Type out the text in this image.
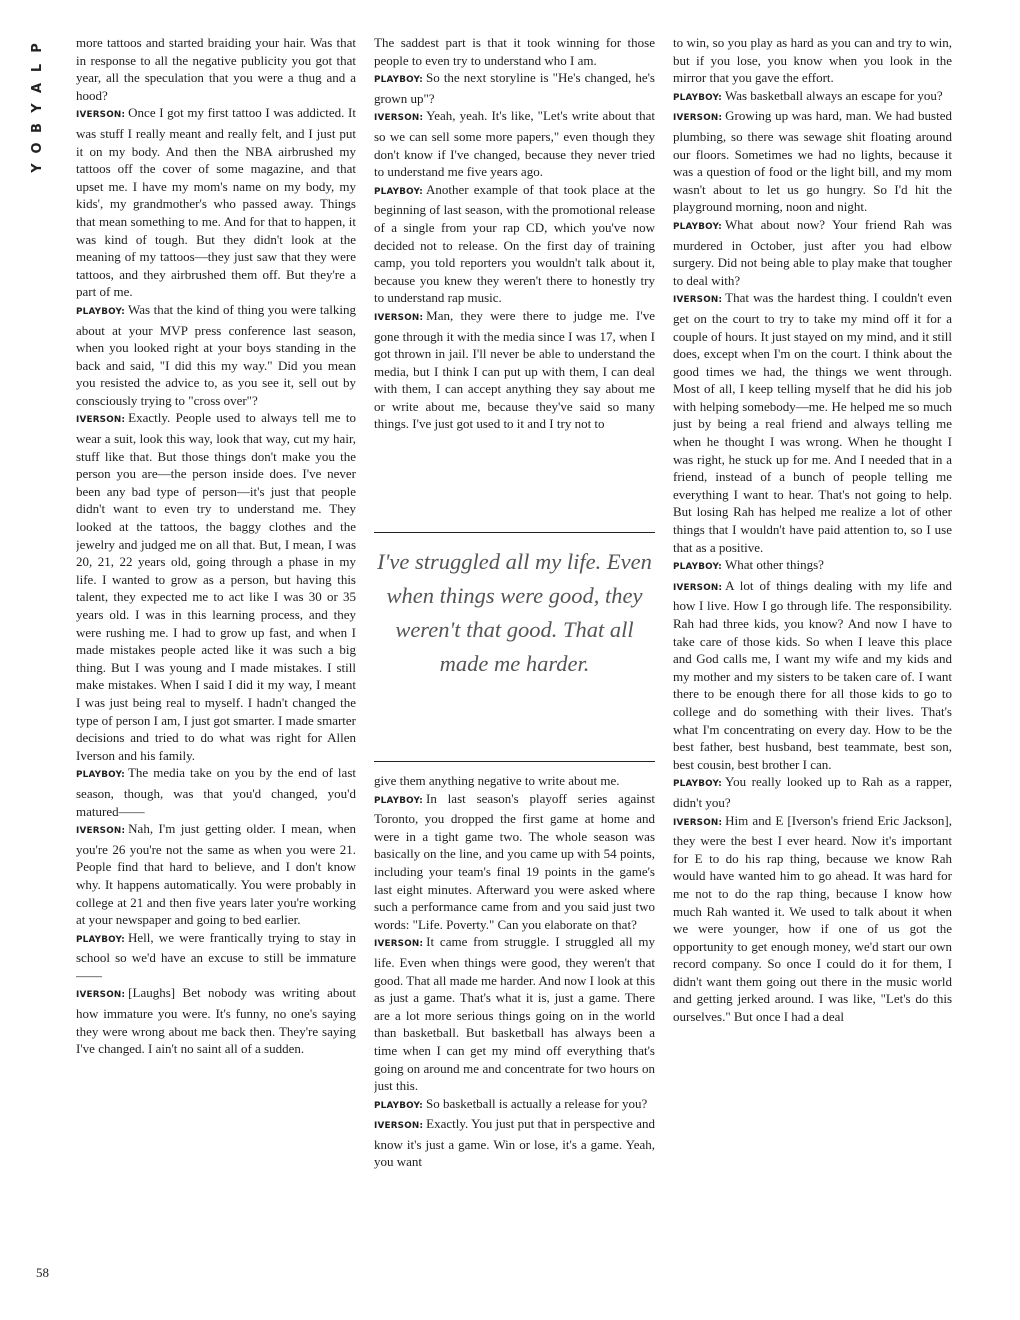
P
L
A
Y
B
O
Y

more tattoos and started braiding your hair. Was that in response to all the negative publicity you got that year, all the speculation that you were a thug and a hood?

IVERSON: Once I got my first tattoo I was addicted. It was stuff I really meant and really felt, and I just put it on my body. And then the NBA airbrushed my tattoos off the cover of some magazine, and that upset me. I have my mom's name on my body, my kids', my grandmother's who passed away. Things that mean something to me. And for that to happen, it was kind of tough. But they didn't look at the meaning of my tattoos—they just saw that they were tattoos, and they airbrushed them off. But they're a part of me.

PLAYBOY: Was that the kind of thing you were talking about at your MVP press conference last season, when you looked right at your boys standing in the back and said, "I did this my way." Did you mean you resisted the advice to, as you see it, sell out by consciously trying to "cross over"?

IVERSON: Exactly. People used to always tell me to wear a suit, look this way, look that way, cut my hair, stuff like that. But those things don't make you the person you are—the person inside does. I've never been any bad type of person—it's just that people didn't want to even try to understand me. They looked at the tattoos, the baggy clothes and the jewelry and judged me on all that. But, I mean, I was 20, 21, 22 years old, going through a phase in my life. I wanted to grow as a person, but having this talent, they expected me to act like I was 30 or 35 years old. I was in this learning process, and they were rushing me. I had to grow up fast, and when I made mistakes people acted like it was such a big thing. But I was young and I made mistakes. I still make mistakes. When I said I did it my way, I meant I was just being real to myself. I hadn't changed the type of person I am, I just got smarter. I made smarter decisions and tried to do what was right for Allen Iverson and his family.

PLAYBOY: The media take on you by the end of last season, though, was that you'd changed, you'd matured——

IVERSON: Nah, I'm just getting older. I mean, when you're 26 you're not the same as when you were 21. People find that hard to believe, and I don't know why. It happens automatically. You were probably in college at 21 and then five years later you're working at your newspaper and going to bed earlier.

PLAYBOY: Hell, we were frantically trying to stay in school so we'd have an excuse to still be immature——

IVERSON: [Laughs] Bet nobody was writing about how immature you were. It's funny, no one's saying they were wrong about me back then. They're saying I've changed. I ain't no saint all of a sudden.

The saddest part is that it took winning for those people to even try to understand who I am.

PLAYBOY: So the next storyline is "He's changed, he's grown up"?

IVERSON: Yeah, yeah. It's like, "Let's write about that so we can sell some more papers," even though they don't know if I've changed, because they never tried to understand me five years ago.

PLAYBOY: Another example of that took place at the beginning of last season, with the promotional release of a single from your rap CD, which you've now decided not to release. On the first day of training camp, you told reporters you wouldn't talk about it, because you knew they weren't there to honestly try to understand rap music.

IVERSON: Man, they were there to judge me. I've gone through it with the media since I was 17, when I got thrown in jail. I'll never be able to understand the media, but I think I can put up with them, I can deal with them, I can accept anything they say about me or write about me, because they've said so many things. I've just got used to it and I try not to

I've struggled all my life. Even when things were good, they weren't that good. That all made me harder.

give them anything negative to write about me.

PLAYBOY: In last season's playoff series against Toronto, you dropped the first game at home and were in a tight game two. The whole season was basically on the line, and you came up with 54 points, including your team's final 19 points in the game's last eight minutes. Afterward you were asked where such a performance came from and you said just two words: "Life. Poverty." Can you elaborate on that?

IVERSON: It came from struggle. I struggled all my life. Even when things were good, they weren't that good. That all made me harder. And now I look at this as just a game. That's what it is, just a game. There are a lot more serious things going on in the world than basketball. But basketball has always been a time when I can get my mind off everything that's going on around me and concentrate for two hours on just this.

PLAYBOY: So basketball is actually a release for you?

IVERSON: Exactly. You just put that in perspective and know it's just a game. Win or lose, it's a game. Yeah, you want

to win, so you play as hard as you can and try to win, but if you lose, you know when you look in the mirror that you gave the effort.

PLAYBOY: Was basketball always an escape for you?

IVERSON: Growing up was hard, man. We had busted plumbing, so there was sewage shit floating around our floors. Sometimes we had no lights, because it was a question of food or the light bill, and my mom wasn't about to let us go hungry. So I'd hit the playground morning, noon and night.

PLAYBOY: What about now? Your friend Rah was murdered in October, just after you had elbow surgery. Did not being able to play make that tougher to deal with?

IVERSON: That was the hardest thing. I couldn't even get on the court to try to take my mind off it for a couple of hours. It just stayed on my mind, and it still does, except when I'm on the court. I think about the good times we had, the things we went through. Most of all, I keep telling myself that he did his job with helping somebody—me. He helped me so much just by being a real friend and always telling me when he thought I was wrong. When he thought I was right, he stuck up for me. And I needed that in a friend, instead of a bunch of people telling me everything I want to hear. That's not going to help. But losing Rah has helped me realize a lot of other things that I wouldn't have paid attention to, so I use that as a positive.

PLAYBOY: What other things?

IVERSON: A lot of things dealing with my life and how I live. How I go through life. The responsibility. Rah had three kids, you know? And now I have to take care of those kids. So when I leave this place and God calls me, I want my wife and my kids and my mother and my sisters to be taken care of. I want there to be enough there for all those kids to go to college and do something with their lives. That's what I'm concentrating on every day. How to be the best father, best husband, best teammate, best son, best cousin, best brother I can.

PLAYBOY: You really looked up to Rah as a rapper, didn't you?

IVERSON: Him and E [Iverson's friend Eric Jackson], they were the best I ever heard. Now it's important for E to do his rap thing, because we know Rah would have wanted him to go ahead. It was hard for me not to do the rap thing, because I know how much Rah wanted it. We used to talk about it when we were younger, how if one of us got the opportunity to get enough money, we'd start our own record company. So once I could do it for them, I didn't want them going out there in the music world and getting jerked around. I was like, "Let's do this ourselves." But once I had a deal

58
